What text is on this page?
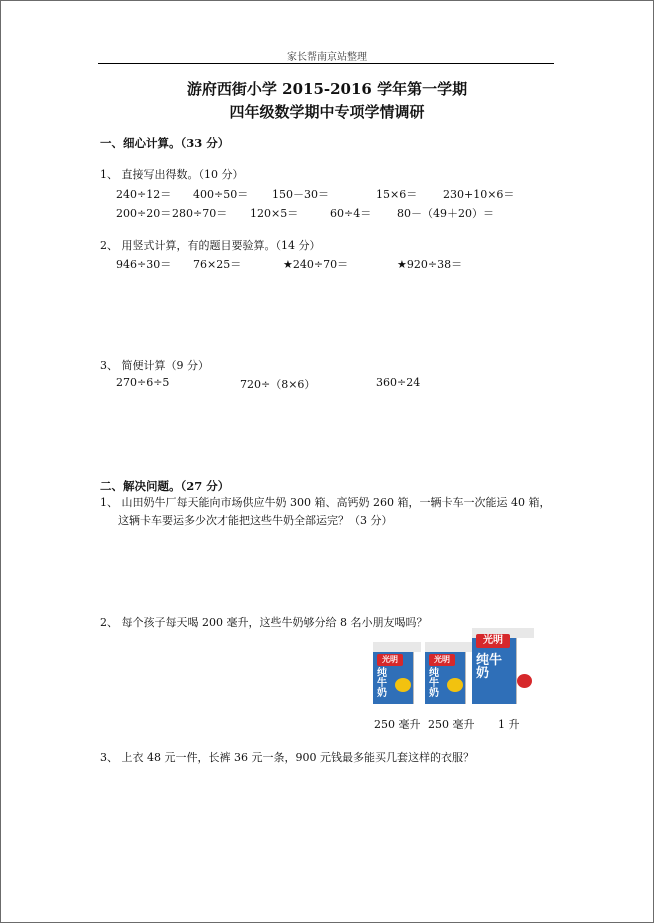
家长帮南京站整理
游府西街小学 2015-2016 学年第一学期
四年级数学期中专项学情调研
一、细心计算。（33 分）
1、 直接写出得数。（10 分）
240÷12＝ 400÷50＝ 150－30＝	15×6＝ 230+10×6＝
200÷20＝ 280÷70＝ 120×5＝	60÷4＝ 80－（49＋20）＝
2、 用竖式计算，有的题目要验算。（14 分）
946÷30＝ 76×25＝	★240÷70＝	★920÷38＝
3、 简便计算（9 分）
270÷6÷5	720÷（8×6）	360÷24
二、解决问题。（27 分）
1、 山田奶牛厂每天能向市场供应牛奶 300 箱、高钙奶 260 箱，一辆卡车一次能运 40 箱，
这辆卡车要运多少次才能把这些牛奶全部运完？（3 分）
2、 每个孩子每天喝 200 毫升，这些牛奶够分给 8 名小朋友喝吗？
光明
纯牛奶
光明
纯牛奶
光明
纯牛奶
250 毫升 250 毫升 1 升
3、 上衣 48 元一件，长裤 36 元一条，900 元钱最多能买几套这样的衣服？
